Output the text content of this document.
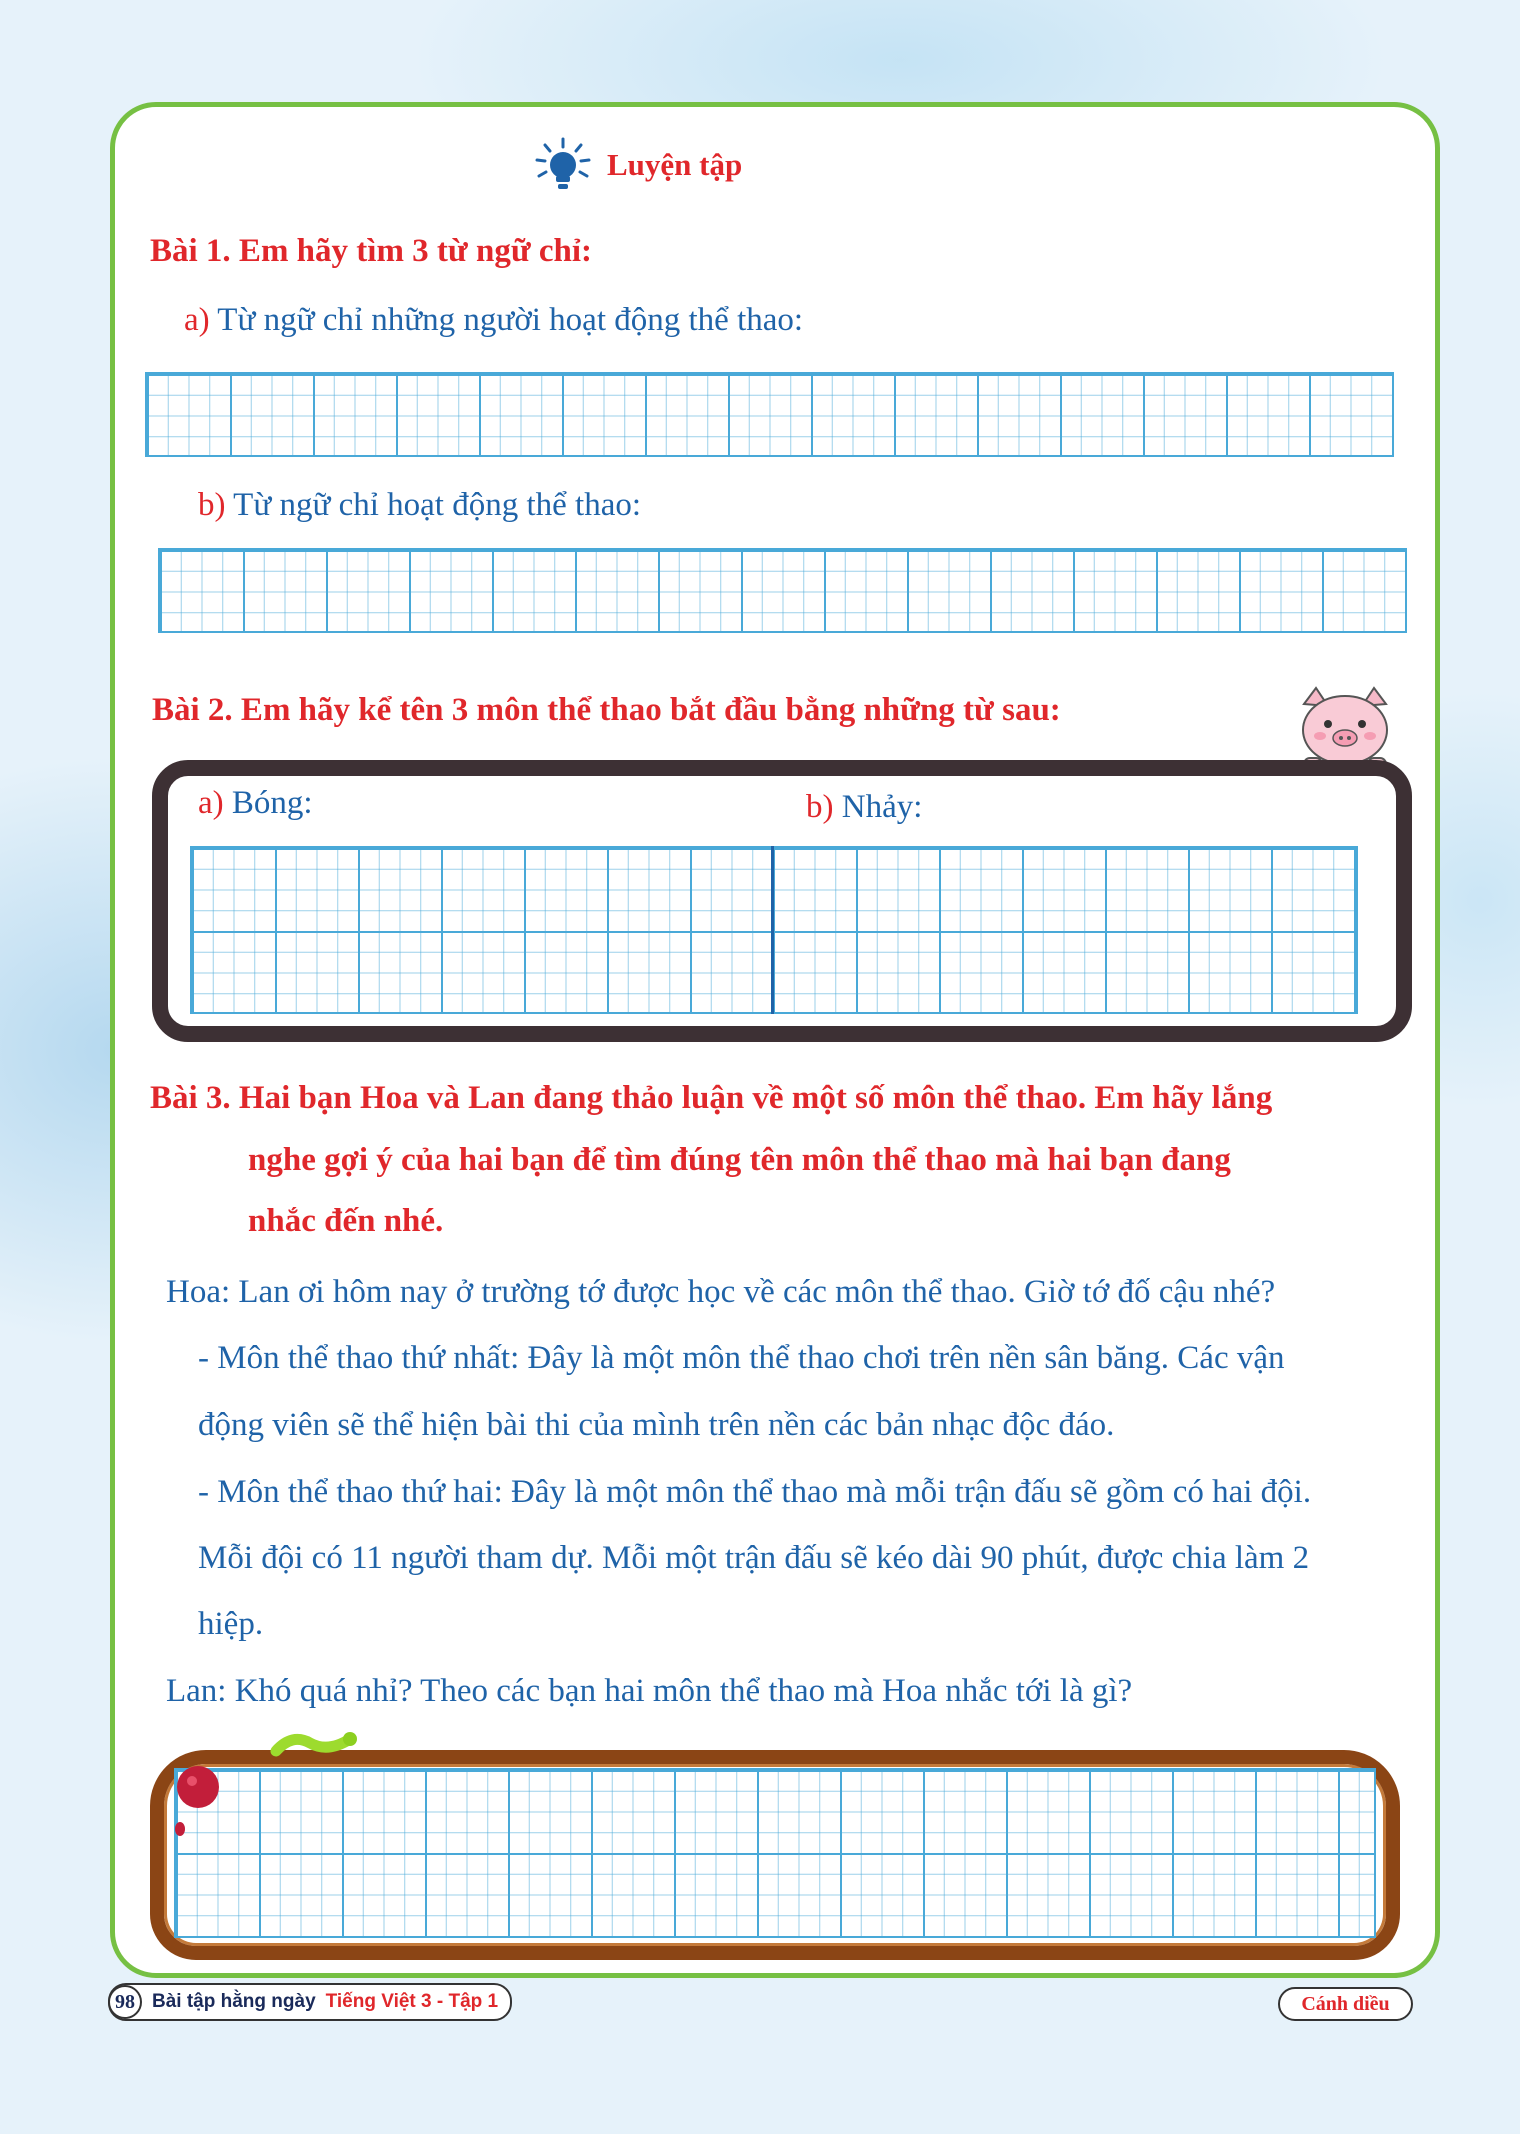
Luyện tập
Bài 1. Em hãy tìm 3 từ ngữ chỉ:
a) Từ ngữ chỉ những người hoạt động thể thao:
b) Từ ngữ chỉ hoạt động thể thao:
Bài 2. Em hãy kể tên 3 môn thể thao bắt đầu bằng những từ sau:
a) Bóng:	b) Nhảy:
Bài 3. Hai bạn Hoa và Lan đang thảo luận về một số môn thể thao. Em hãy lắng
nghe gợi ý của hai bạn để tìm đúng tên môn thể thao mà hai bạn đang
nhắc đến nhé.
Hoa: Lan ơi hôm nay ở trường tớ được học về các môn thể thao. Giờ tớ đố cậu nhé?
- Môn thể thao thứ nhất: Đây là một môn thể thao chơi trên nền sân băng. Các vận
động viên sẽ thể hiện bài thi của mình trên nền các bản nhạc độc đáo.
- Môn thể thao thứ hai: Đây là một môn thể thao mà mỗi trận đấu sẽ gồm có hai đội.
Mỗi đội có 11 người tham dự. Mỗi một trận đấu sẽ kéo dài 90 phút, được chia làm 2
hiệp.
Lan: Khó quá nhỉ? Theo các bạn hai môn thể thao mà Hoa nhắc tới là gì?
98 Bài tập hằng ngày Tiếng Việt 3 - Tập 1	Cánh diều
